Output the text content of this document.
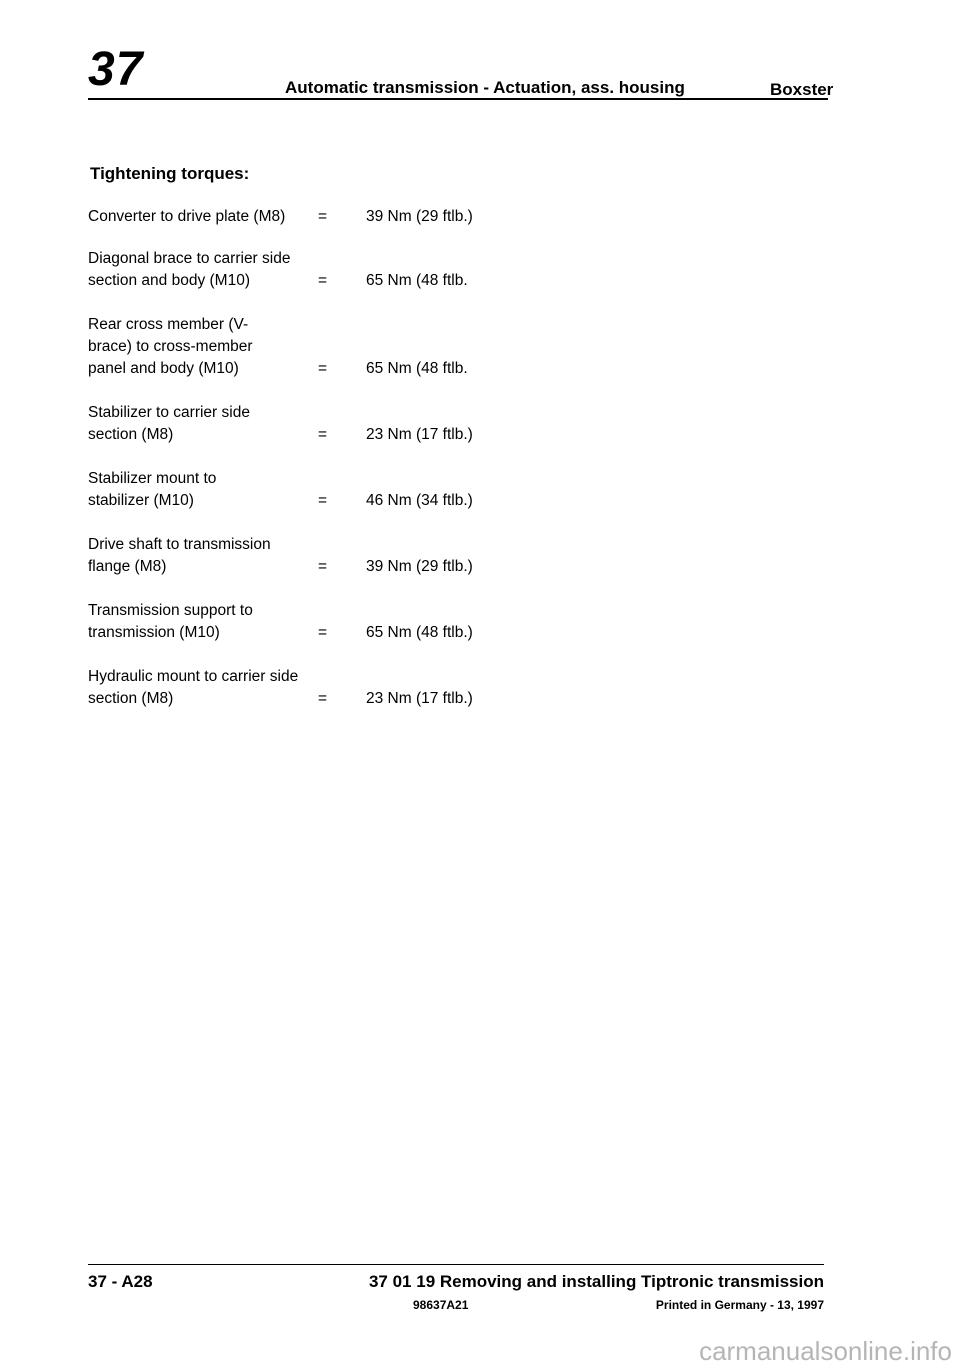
37	Automatic transmission - Actuation, ass. housing	Boxster
Tightening torques:
Converter to drive plate (M8)	=	39 Nm (29 ftlb.)
Diagonal brace to carrier side section and body (M10)	=	65 Nm (48 ftlb.
Rear cross member (V-brace) to cross-member panel and body (M10)	=	65 Nm (48 ftlb.
Stabilizer to carrier side section (M8)	=	23 Nm (17 ftlb.)
Stabilizer mount to stabilizer (M10)	=	46 Nm (34 ftlb.)
Drive shaft to transmission flange (M8)	=	39 Nm (29 ftlb.)
Transmission support to transmission (M10)	=	65 Nm (48 ftlb.)
Hydraulic mount to carrier side section (M8)	=	23 Nm (17 ftlb.)
37 - A28	37 01 19 Removing and installing Tiptronic transmission
98637A21	Printed in Germany - 13, 1997
carmanualsonline.info
